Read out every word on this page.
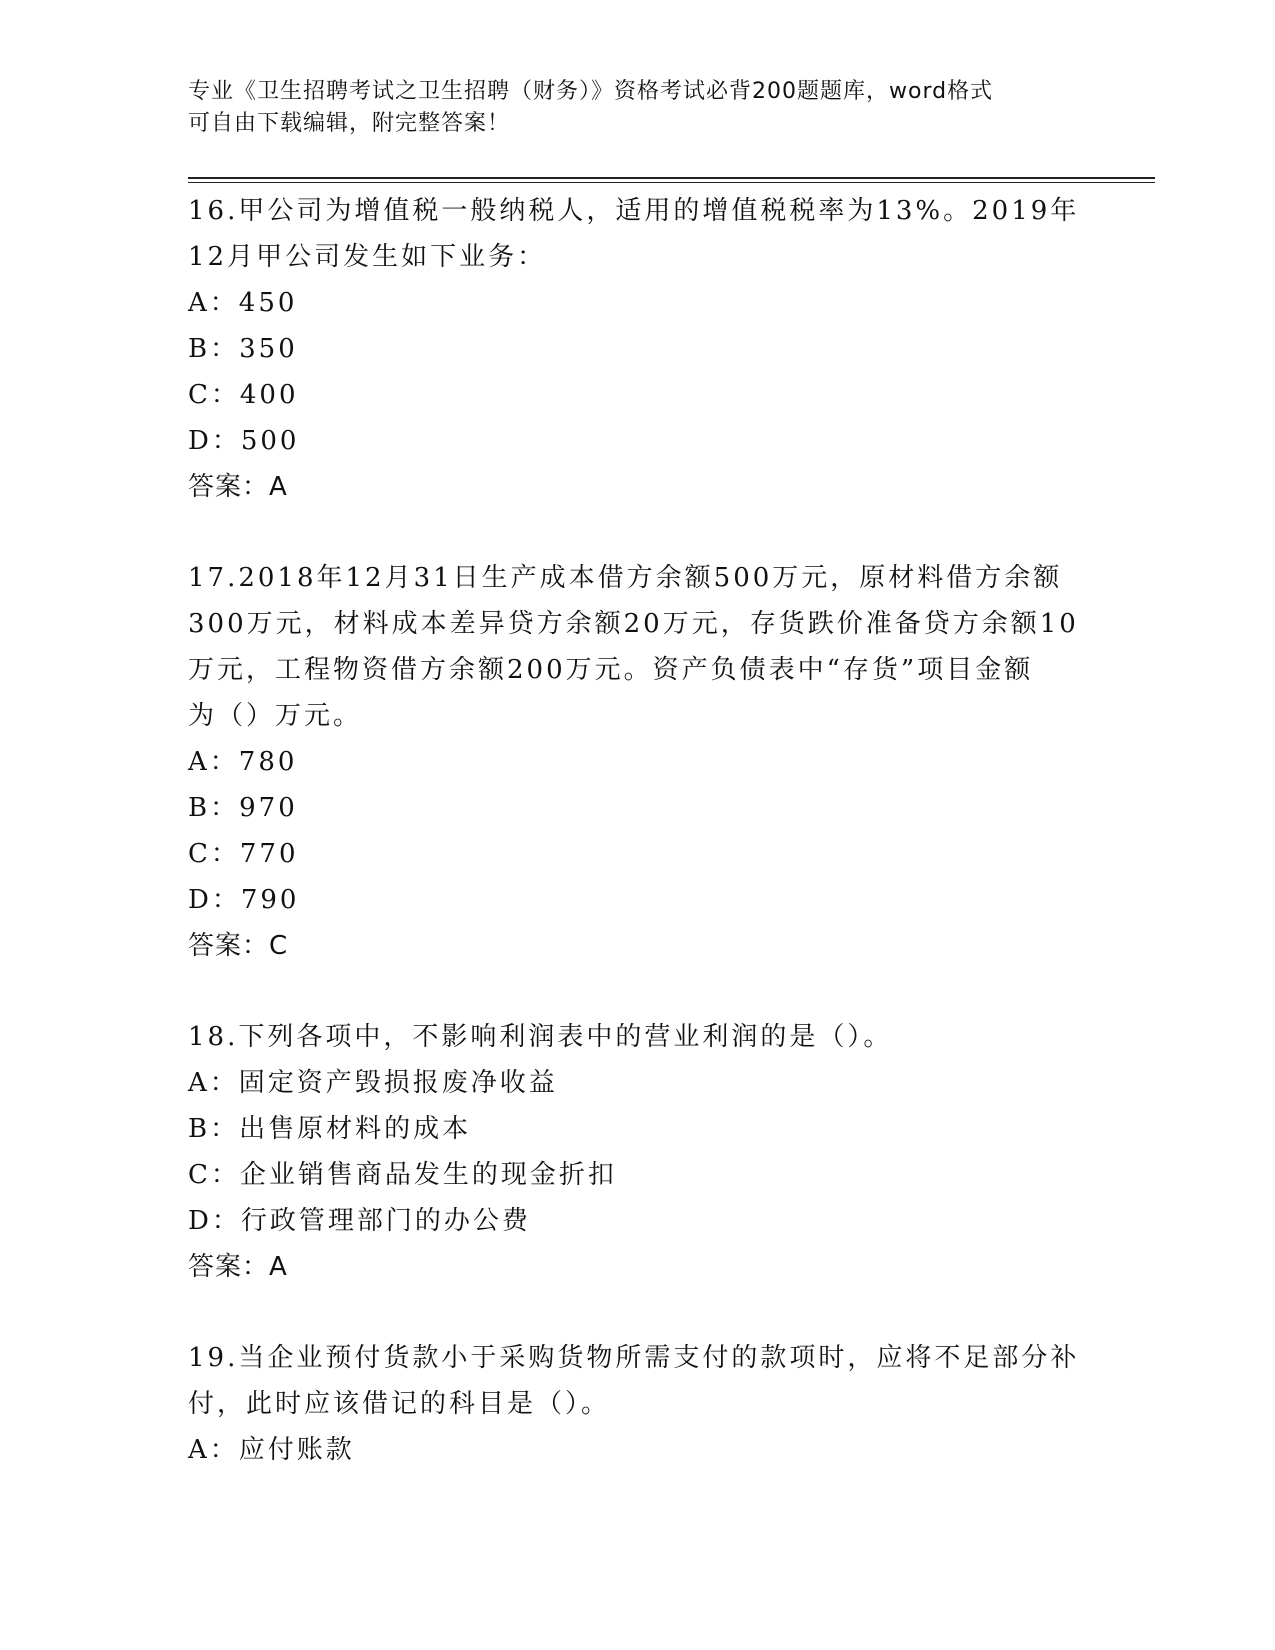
专业《卫生招聘考试之卫生招聘（财务）》资格考试必背200题题库，word格式
可自由下载编辑，附完整答案！
16.甲公司为增值税一般纳税人，适用的增值税税率为13%。2019年
12月甲公司发生如下业务：
A：450
B：350
C：400
D：500
答案：A
17.2018年12月31日生产成本借方余额500万元，原材料借方余额
300万元，材料成本差异贷方余额20万元，存货跌价准备贷方余额10
万元，工程物资借方余额200万元。资产负债表中“存货”项目金额
为（）万元。
A：780
B：970
C：770
D：790
答案：C
18.下列各项中，不影响利润表中的营业利润的是（）。
A：固定资产毁损报废净收益
B：出售原材料的成本
C：企业销售商品发生的现金折扣
D：行政管理部门的办公费
答案：A
19.当企业预付货款小于采购货物所需支付的款项时，应将不足部分补
付，此时应该借记的科目是（）。
A：应付账款
